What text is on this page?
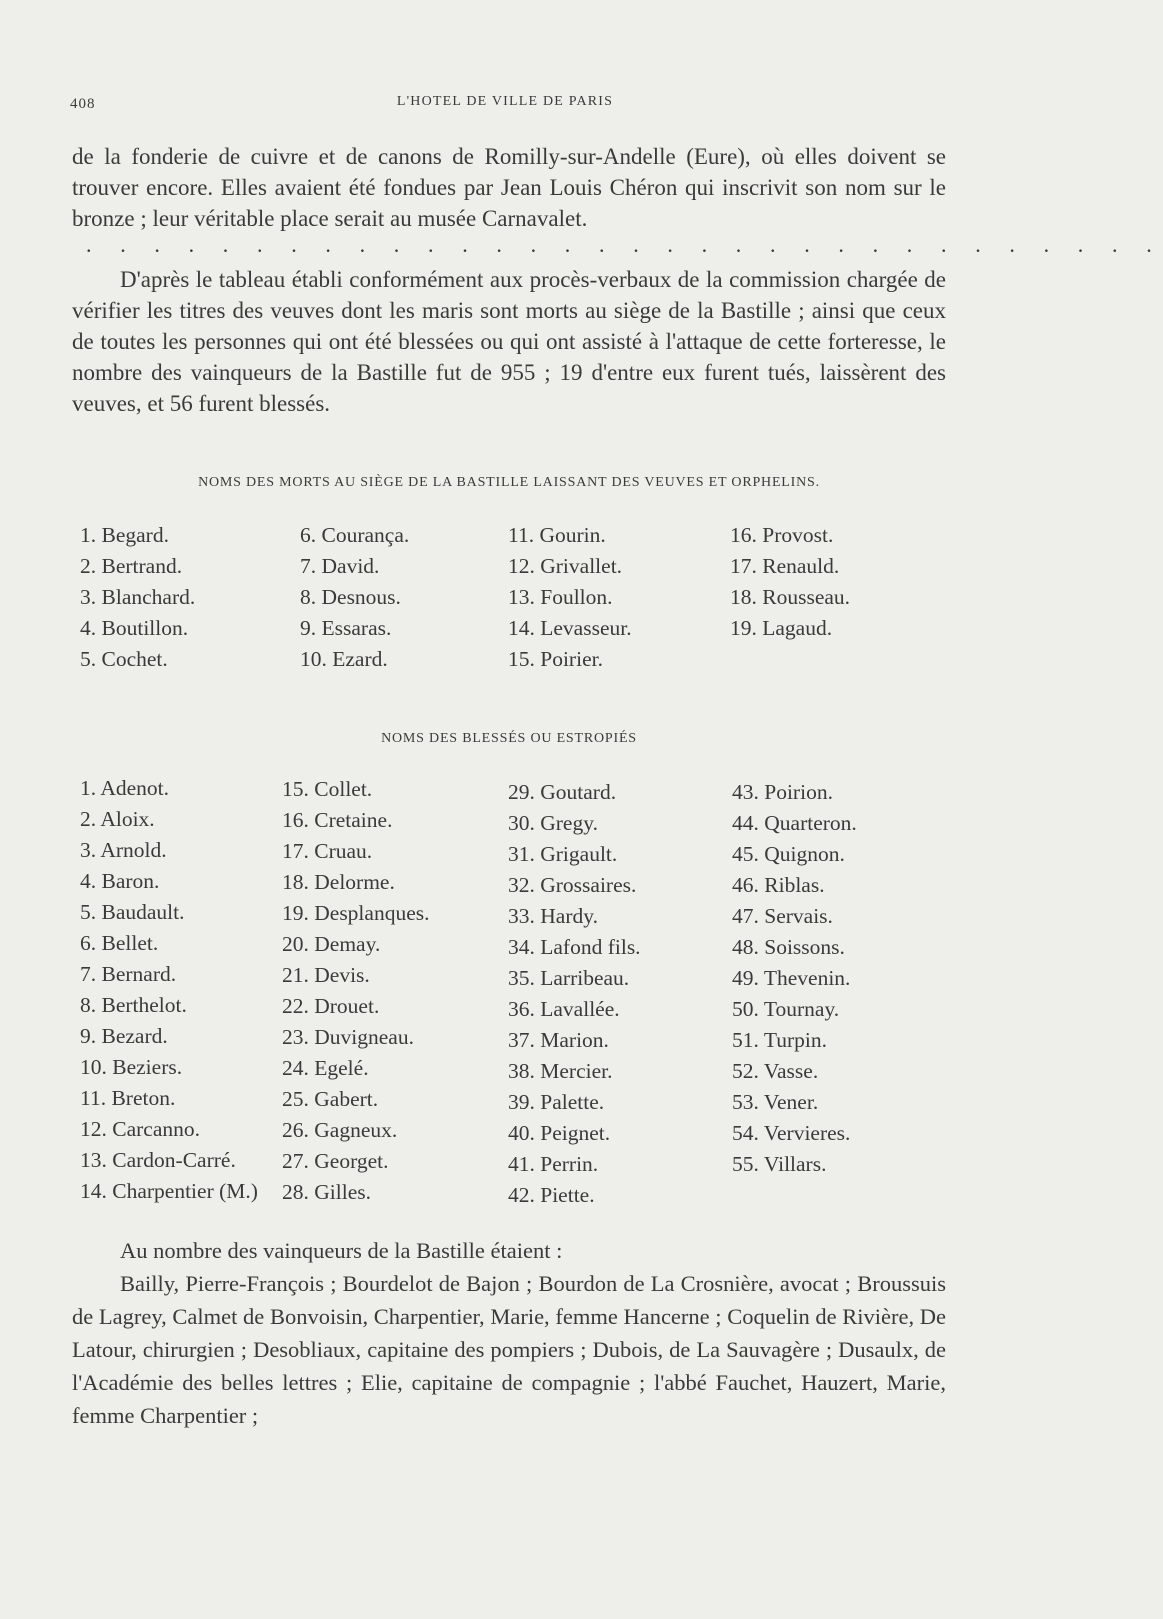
408	L'HOTEL DE VILLE DE PARIS

de la fonderie de cuivre et de canons de Romilly-sur-Andelle (Eure), où elles doivent se trouver encore. Elles avaient été fondues par Jean Louis Chéron qui inscrivit son nom sur le bronze ; leur véritable place serait au musée Carnavalet.

. . . . . . . . . . . . . . . . . . . . . . . . . . . . . . . .

D'après le tableau établi conformément aux procès-verbaux de la commission chargée de vérifier les titres des veuves dont les maris sont morts au siège de la Bastille ; ainsi que ceux de toutes les personnes qui ont été blessées ou qui ont assisté à l'attaque de cette forteresse, le nombre des vainqueurs de la Bastille fut de 955 ; 19 d'entre eux furent tués, laissèrent des veuves, et 56 furent blessés.

NOMS DES MORTS AU SIÈGE DE LA BASTILLE LAISSANT DES VEUVES ET ORPHELINS.
1. Begard.
2. Bertrand.
3. Blanchard.
4. Boutillon.
5. Cochet.
6. Courança.
7. David.
8. Desnous.
9. Essaras.
10. Ezard.
11. Gourin.
12. Grivallet.
13. Foullon.
14. Levasseur.
15. Poirier.
16. Provost.
17. Renauld.
18. Rousseau.
19. Lagaud.
NOMS DES BLESSÉS OU ESTROPIÉS
1. Adenot.
2. Aloix.
3. Arnold.
4. Baron.
5. Baudault.
6. Bellet.
7. Bernard.
8. Berthelot.
9. Bezard.
10. Beziers.
11. Breton.
12. Carcanno.
13. Cardon-Carré.
14. Charpentier (M.)
15. Collet.
16. Cretaine.
17. Cruau.
18. Delorme.
19. Desplanques.
20. Demay.
21. Devis.
22. Drouet.
23. Duvigneau.
24. Egelé.
25. Gabert.
26. Gagneux.
27. Georget.
28. Gilles.
29. Goutard.
30. Gregy.
31. Grigault.
32. Grossaires.
33. Hardy.
34. Lafond fils.
35. Larribeau.
36. Lavallée.
37. Marion.
38. Mercier.
39. Palette.
40. Peignet.
41. Perrin.
42. Piette.
43. Poirion.
44. Quarteron.
45. Quignon.
46. Riblas.
47. Servais.
48. Soissons.
49. Thevenin.
50. Tournay.
51. Turpin.
52. Vasse.
53. Vener.
54. Vervieres.
55. Villars.

Au nombre des vainqueurs de la Bastille étaient :

Bailly, Pierre-François ; Bourdelot de Bajon ; Bourdon de La Crosnière, avocat ; Broussuis de Lagrey, Calmet de Bonvoisin, Charpentier, Marie, femme Hancerne ; Coquelin de Rivière, De Latour, chirurgien ; Desobliaux, capitaine des pompiers ; Dubois, de La Sauvagère ; Dusaulx, de l'Académie des belles lettres ; Elie, capitaine de compagnie ; l'abbé Fauchet, Hauzert, Marie, femme Charpentier ;
